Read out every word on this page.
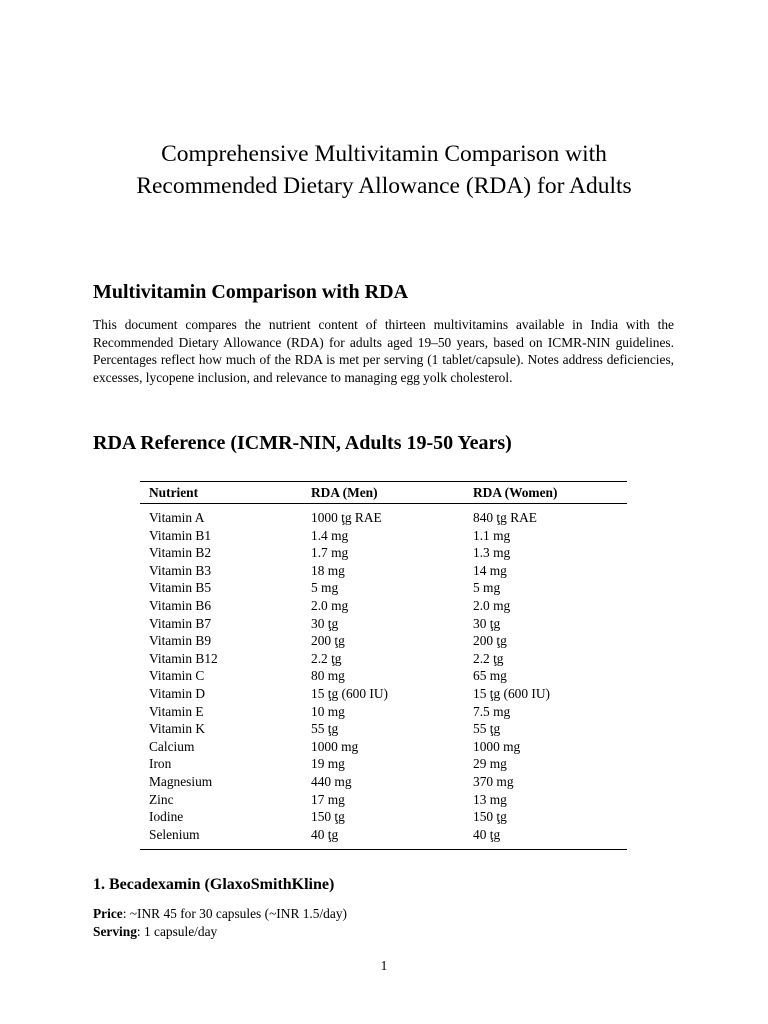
Comprehensive Multivitamin Comparison with
Recommended Dietary Allowance (RDA) for Adults
Multivitamin Comparison with RDA

This document compares the nutrient content of thirteen multivitamins available in India with the Recommended Dietary Allowance (RDA) for adults aged 19–50 years, based on ICMR-NIN guidelines. Percentages reflect how much of the RDA is met per serving (1 tablet/capsule). Notes address deficiencies, excesses, lycopene inclusion, and relevance to managing egg yolk cholesterol.

RDA Reference (ICMR-NIN, Adults 19-50 Years)
Nutrient	RDA (Men)	RDA (Women)
Vitamin A	1000 ţg RAE	840 ţg RAE
Vitamin B1	1.4 mg	1.1 mg
Vitamin B2	1.7 mg	1.3 mg
Vitamin B3	18 mg	14 mg
Vitamin B5	5 mg	5 mg
Vitamin B6	2.0 mg	2.0 mg
Vitamin B7	30 ţg	30 ţg
Vitamin B9	200 ţg	200 ţg
Vitamin B12	2.2 ţg	2.2 ţg
Vitamin C	80 mg	65 mg
Vitamin D	15 ţg (600 IU)	15 ţg (600 IU)
Vitamin E	10 mg	7.5 mg
Vitamin K	55 ţg	55 ţg
Calcium	1000 mg	1000 mg
Iron	19 mg	29 mg
Magnesium	440 mg	370 mg
Zinc	17 mg	13 mg
Iodine	150 ţg	150 ţg
Selenium	40 ţg	40 ţg
1. Becadexamin (GlaxoSmithKline)

Price: ~INR 45 for 30 capsules (~INR 1.5/day)
Serving: 1 capsule/day

1
